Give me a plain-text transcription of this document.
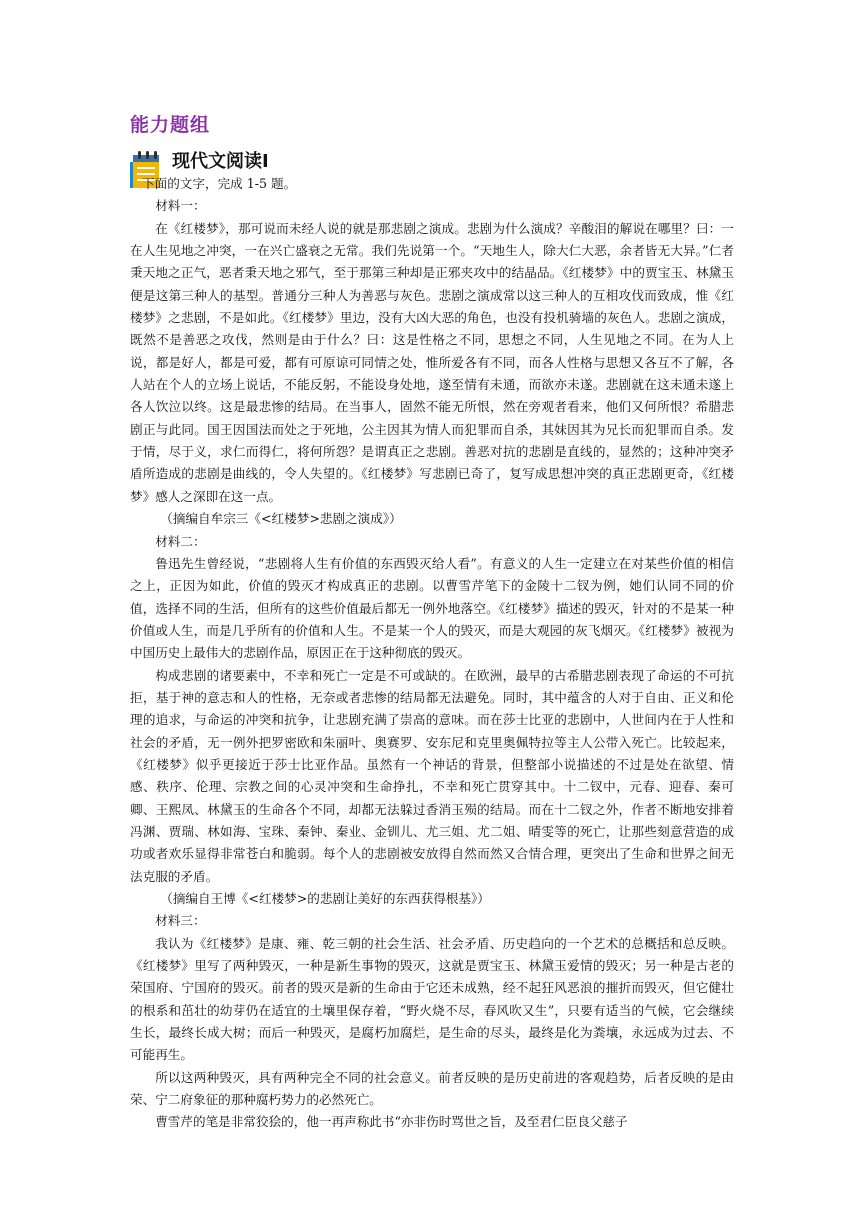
能力题组
现代文阅读Ⅰ

下面的文字，完成 1-5 题。

材料一：

在《红楼梦》，那可说而未经人说的就是那悲剧之演成。悲剧为什么演成？辛酸泪的解说在哪里？曰：一在人生见地之冲突，一在兴亡盛衰之无常。我们先说第一个。“天地生人，除大仁大恶，余者皆无大异。”仁者秉天地之正气，恶者秉天地之邪气，至于那第三种却是正邪夹攻中的结晶品。《红楼梦》中的贾宝玉、林黛玉便是这第三种人的基型。普通分三种人为善恶与灰色。悲剧之演成常以这三种人的互相攻伐而致成，惟《红楼梦》之悲剧，不是如此。《红楼梦》里边，没有大凶大恶的角色，也没有投机骑墙的灰色人。悲剧之演成，既然不是善恶之攻伐，然则是由于什么？曰：这是性格之不同，思想之不同，人生见地之不同。在为人上说，都是好人，都是可爱，都有可原谅可同情之处，惟所爱各有不同，而各人性格与思想又各互不了解，各人站在个人的立场上说话，不能反躬，不能设身处地，遂至情有未通，而欲亦未遂。悲剧就在这未通未遂上各人饮泣以终。这是最悲惨的结局。在当事人，固然不能无所恨，然在旁观者看来，他们又何所恨？希腊悲剧正与此同。国王因国法而处之于死地，公主因其为情人而犯罪而自杀，其妹因其为兄长而犯罪而自杀。发于情，尽于义，求仁而得仁，将何所怨？是谓真正之悲剧。善恶对抗的悲剧是直线的，显然的；这种冲突矛盾所造成的悲剧是曲线的，令人失望的。《红楼梦》写悲剧已奇了，复写成思想冲突的真正悲剧更奇，《红楼梦》感人之深即在这一点。

（摘编自牟宗三《<红楼梦>悲剧之演成》）

材料二：

鲁迅先生曾经说，“悲剧将人生有价值的东西毁灭给人看”。有意义的人生一定建立在对某些价值的相信之上，正因为如此，价值的毁灭才构成真正的悲剧。以曹雪芹笔下的金陵十二钗为例，她们认同不同的价值，选择不同的生活，但所有的这些价值最后都无一例外地落空。《红楼梦》描述的毁灭，针对的不是某一种价值或人生，而是几乎所有的价值和人生。不是某一个人的毁灭，而是大观园的灰飞烟灭。《红楼梦》被视为中国历史上最伟大的悲剧作品，原因正在于这种彻底的毁灭。

构成悲剧的诸要素中，不幸和死亡一定是不可或缺的。在欧洲，最早的古希腊悲剧表现了命运的不可抗拒，基于神的意志和人的性格，无奈或者悲惨的结局都无法避免。同时，其中蕴含的人对于自由、正义和伦理的追求，与命运的冲突和抗争，让悲剧充满了崇高的意味。而在莎士比亚的悲剧中，人世间内在于人性和社会的矛盾，无一例外把罗密欧和朱丽叶、奥赛罗、安东尼和克里奥佩特拉等主人公带入死亡。比较起来，《红楼梦》似乎更接近于莎士比亚作品。虽然有一个神话的背景，但整部小说描述的不过是处在欲望、情感、秩序、伦理、宗教之间的心灵冲突和生命挣扎，不幸和死亡贯穿其中。十二钗中，元春、迎春、秦可卿、王熙凤、林黛玉的生命各个不同，却都无法躲过香消玉殒的结局。而在十二钗之外，作者不断地安排着冯渊、贾瑞、林如海、宝珠、秦钟、秦业、金钏儿、尤三姐、尤二姐、晴雯等的死亡，让那些刻意营造的成功或者欢乐显得非常苍白和脆弱。每个人的悲剧被安放得自然而然又合情合理，更突出了生命和世界之间无法克服的矛盾。

（摘编自王博《<红楼梦>的悲剧让美好的东西获得根基》）

材料三：

我认为《红楼梦》是康、雍、乾三朝的社会生活、社会矛盾、历史趋向的一个艺术的总概括和总反映。《红楼梦》里写了两种毁灭，一种是新生事物的毁灭，这就是贾宝玉、林黛玉爱情的毁灭；另一种是古老的荣国府、宁国府的毁灭。前者的毁灭是新的生命由于它还未成熟，经不起狂风恶浪的摧折而毁灭，但它健壮的根系和茁壮的幼芽仍在适宜的土壤里保存着，“野火烧不尽，春风吹又生”，只要有适当的气候，它会继续生长，最终长成大树；而后一种毁灭，是腐朽加腐烂，是生命的尽头，最终是化为粪壤，永远成为过去、不可能再生。

所以这两种毁灭，具有两种完全不同的社会意义。前者反映的是历史前进的客观趋势，后者反映的是由荣、宁二府象征的那种腐朽势力的必然死亡。

曹雪芹的笔是非常狡狯的，他一再声称此书“亦非伤时骂世之旨，及至君仁臣良父慈子
